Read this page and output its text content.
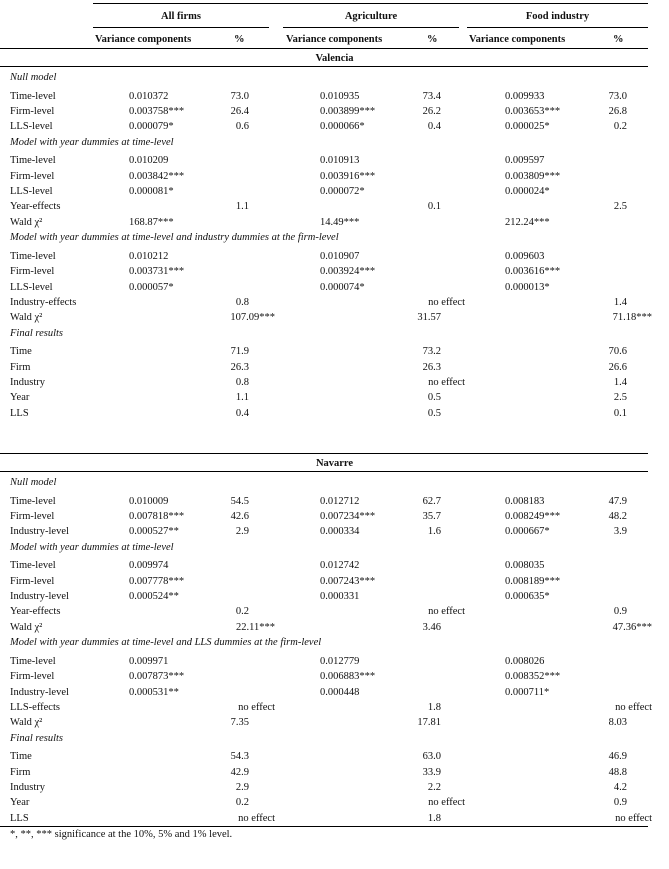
All firms	Agriculture	Food industry
Variance components	%	Variance components	%	Variance components	%
Valencia
Null model
Time-level	0.010372	73.0	0.010935	73.4	0.009933	73.0
Firm-level	0.003758***	26.4	0.003899***	26.2	0.003653***	26.8
LLS-level	0.000079*	0.6	0.000066*	0.4	0.000025*	0.2
Model with year dummies at time-level
Time-level	0.010209	0.010913	0.009597
Firm-level	0.003842***	0.003916***	0.003809***
LLS-level	0.000081*	0.000072*	0.000024*
Year-effects	1.1	0.1	2.5
Wald χ²	168.87***	14.49***	212.24***
Model with year dummies at time-level and industry dummies at the firm-level
Time-level	0.010212	0.010907	0.009603
Firm-level	0.003731***	0.003924***	0.003616***
LLS-level	0.000057*	0.000074*	0.000013*
Industry-effects	0.8	no effect	1.4
Wald χ²	107.09***	31.57	71.18***
Final results
Time	71.9	73.2	70.6
Firm	26.3	26.3	26.6
Industry	0.8	no effect	1.4
Year	1.1	0.5	2.5
LLS	0.4	0.5	0.1
Navarre
Null model
Time-level	0.010009	54.5	0.012712	62.7	0.008183	47.9
Firm-level	0.007818***	42.6	0.007234***	35.7	0.008249***	48.2
Industry-level	0.000527**	2.9	0.000334	1.6	0.000667*	3.9
Model with year dummies at time-level
Time-level	0.009974	0.012742	0.008035
Firm-level	0.007778***	0.007243***	0.008189***
Industry-level	0.000524**	0.000331	0.000635*
Year-effects	0.2	no effect	0.9
Wald χ²	22.11***	3.46	47.36***
Model with year dummies at time-level and LLS dummies at the firm-level
Time-level	0.009971	0.012779	0.008026
Firm-level	0.007873***	0.006883***	0.008352***
Industry-level	0.000531**	0.000448	0.000711*
LLS-effects	no effect	1.8	no effect
Wald χ²	7.35	17.81	8.03
Final results
Time	54.3	63.0	46.9
Firm	42.9	33.9	48.8
Industry	2.9	2.2	4.2
Year	0.2	no effect	0.9
LLS	no effect	1.8	no effect
*, **, *** significance at the 10%, 5% and 1% level.
